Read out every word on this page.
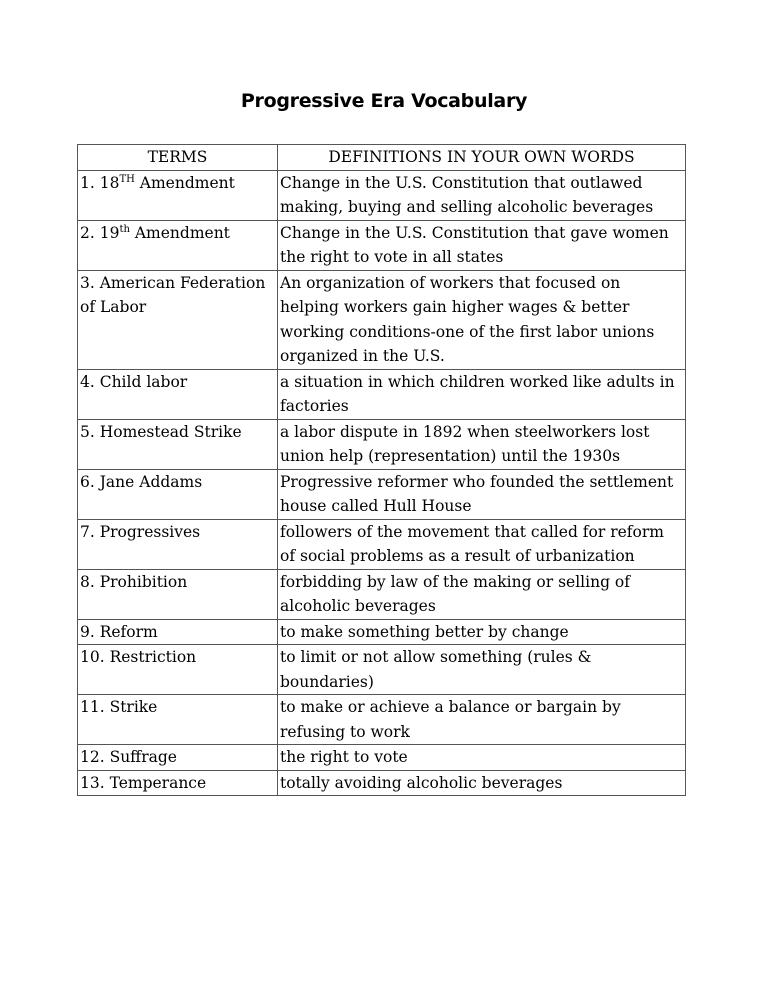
Progressive Era Vocabulary
TERMS	DEFINITIONS IN YOUR OWN WORDS
1. 18TH Amendment	Change in the U.S. Constitution that outlawed making, buying and selling alcoholic beverages
2. 19th Amendment	Change in the U.S. Constitution that gave women the right to vote in all states
3. American Federation of Labor	An organization of workers that focused on helping workers gain higher wages & better working conditions-one of the first labor unions organized in the U.S.
4. Child labor	a situation in which children worked like adults in factories
5. Homestead Strike	a labor dispute in 1892 when steelworkers lost union help (representation) until the 1930s
6. Jane Addams	Progressive reformer who founded the settlement house called Hull House
7. Progressives	followers of the movement that called for reform of social problems as a result of urbanization
8. Prohibition	forbidding by law of the making or selling of alcoholic beverages
9. Reform	to make something better by change
10. Restriction	to limit or not allow something (rules & boundaries)
11. Strike	to make or achieve a balance or bargain by refusing to work
12. Suffrage	the right to vote
13. Temperance	totally avoiding alcoholic beverages
